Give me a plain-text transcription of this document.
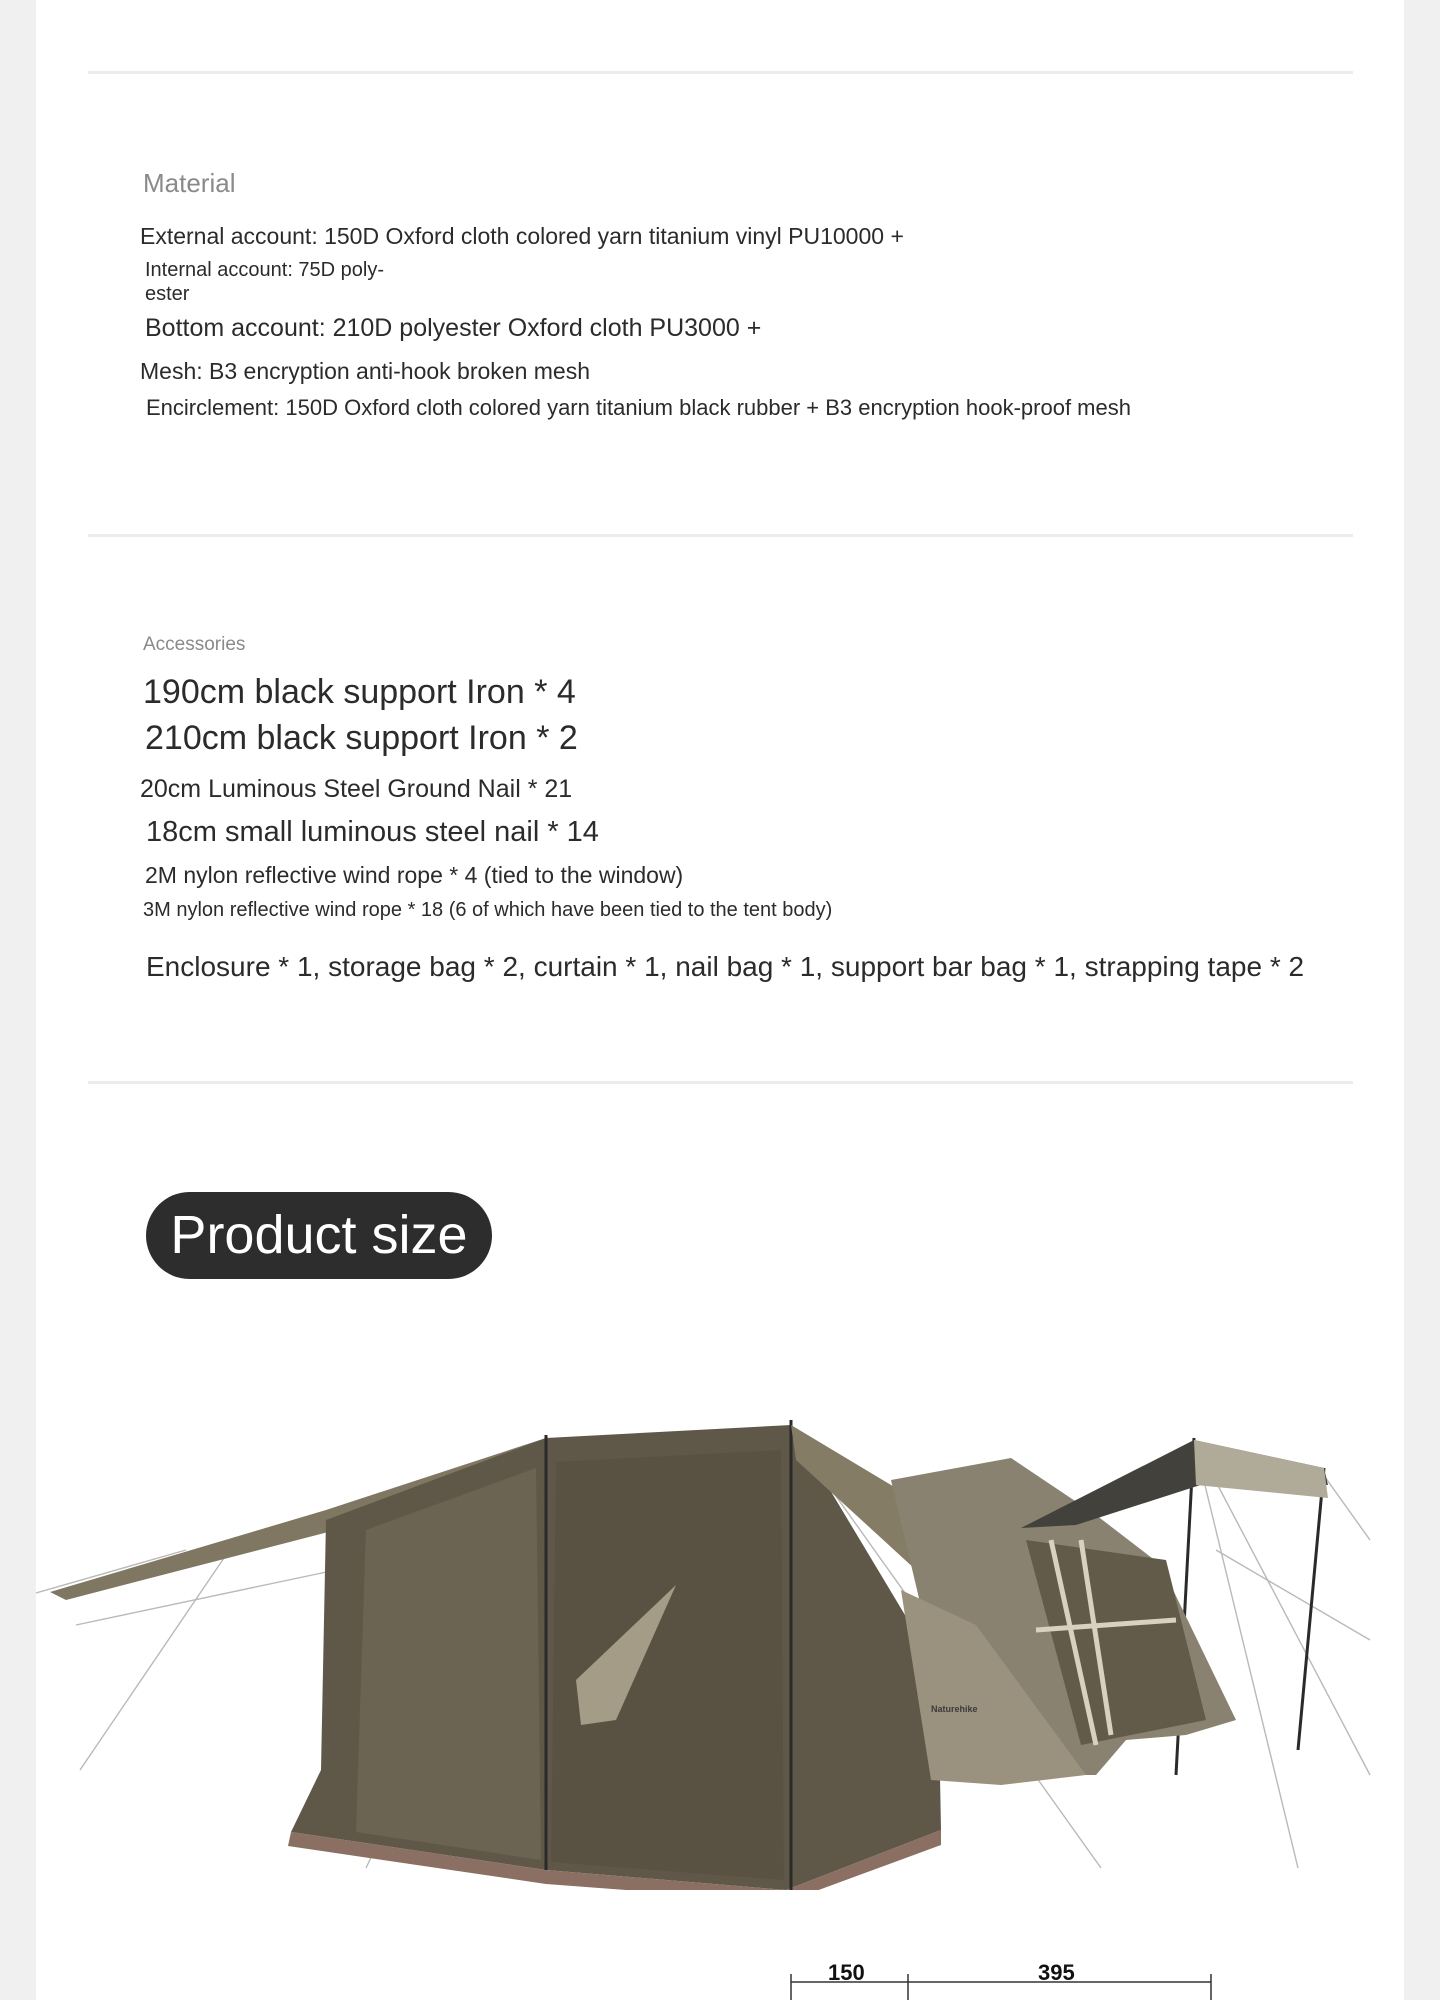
Material
External account: 150D Oxford cloth colored yarn titanium vinyl PU10000 +
Internal account: 75D poly- ester
Bottom account: 210D polyester Oxford cloth PU3000 +
Mesh: B3 encryption anti-hook broken mesh
Encirclement: 150D Oxford cloth colored yarn titanium black rubber + B3 encryption hook-proof mesh
Accessories
190cm black support Iron * 4
210cm black support Iron * 2
20cm Luminous Steel Ground Nail * 21
18cm small luminous steel nail * 14
2M nylon reflective wind rope * 4 (tied to the window)
3M nylon reflective wind rope * 18 (6 of which have been tied to the tent body)
Enclosure * 1, storage bag * 2, curtain * 1, nail bag * 1, support bar bag * 1, strapping tape * 2
Product size
Naturehike
150	395
